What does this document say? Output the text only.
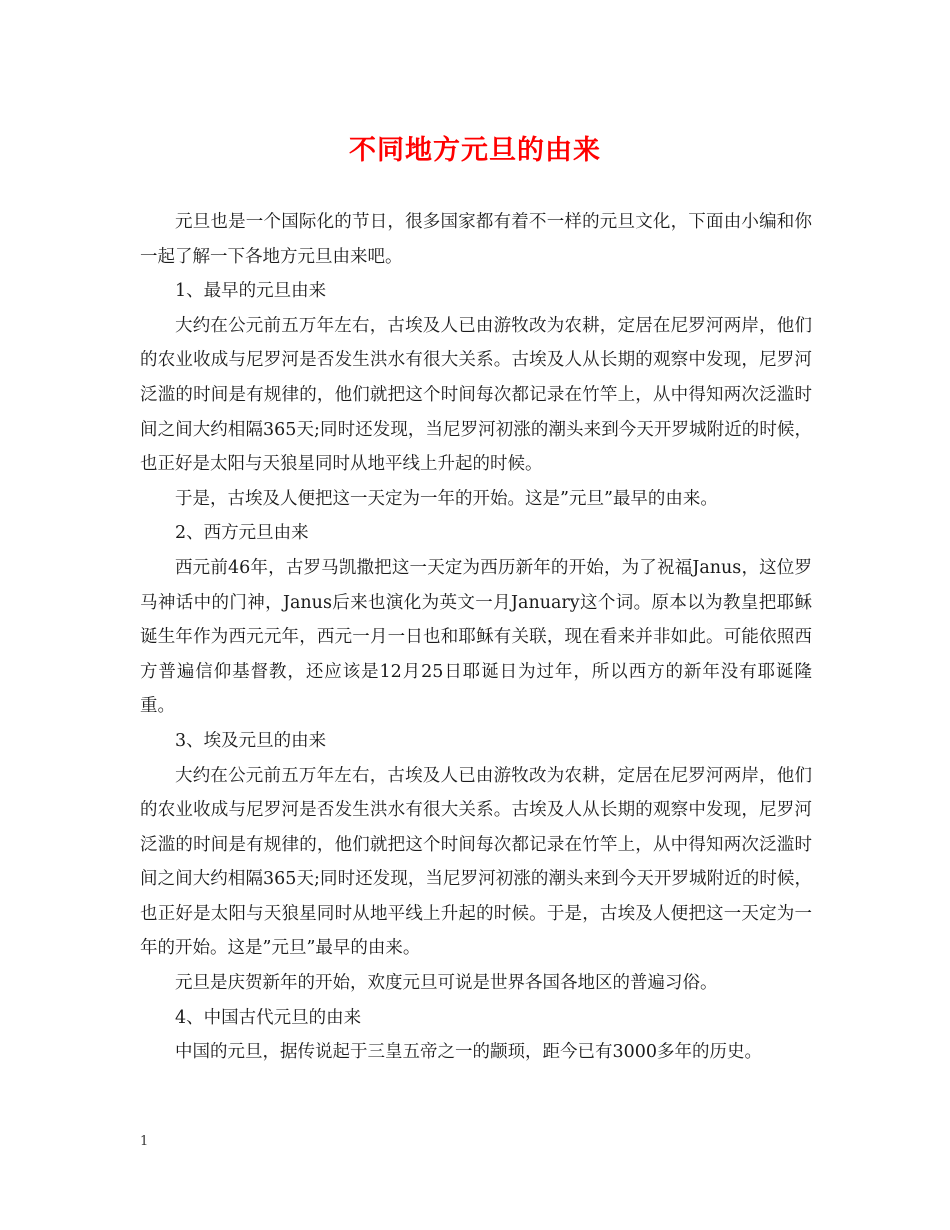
不同地方元旦的由来

元旦也是一个国际化的节日，很多国家都有着不一样的元旦文化，下面由小编和你一起了解一下各地方元旦由来吧。

1、最早的元旦由来

大约在公元前五万年左右，古埃及人已由游牧改为农耕，定居在尼罗河两岸，他们的农业收成与尼罗河是否发生洪水有很大关系。古埃及人从长期的观察中发现，尼罗河泛滥的时间是有规律的，他们就把这个时间每次都记录在竹竿上，从中得知两次泛滥时间之间大约相隔365天;同时还发现，当尼罗河初涨的潮头来到今天开罗城附近的时候，也正好是太阳与天狼星同时从地平线上升起的时候。

于是，古埃及人便把这一天定为一年的开始。这是”元旦”最早的由来。

2、西方元旦由来

西元前46年，古罗马凯撒把这一天定为西历新年的开始，为了祝福Janus，这位罗马神话中的门神，Janus后来也演化为英文一月January这个词。原本以为教皇把耶稣诞生年作为西元元年，西元一月一日也和耶稣有关联，现在看来并非如此。可能依照西方普遍信仰基督教，还应该是12月25日耶诞日为过年，所以西方的新年没有耶诞隆重。

3、埃及元旦的由来

大约在公元前五万年左右，古埃及人已由游牧改为农耕，定居在尼罗河两岸，他们的农业收成与尼罗河是否发生洪水有很大关系。古埃及人从长期的观察中发现，尼罗河泛滥的时间是有规律的，他们就把这个时间每次都记录在竹竿上，从中得知两次泛滥时间之间大约相隔365天;同时还发现，当尼罗河初涨的潮头来到今天开罗城附近的时候，也正好是太阳与天狼星同时从地平线上升起的时候。于是，古埃及人便把这一天定为一年的开始。这是”元旦”最早的由来。

元旦是庆贺新年的开始，欢度元旦可说是世界各国各地区的普遍习俗。

4、中国古代元旦的由来

中国的元旦，据传说起于三皇五帝之一的颛顼，距今已有3000多年的历史。

1
